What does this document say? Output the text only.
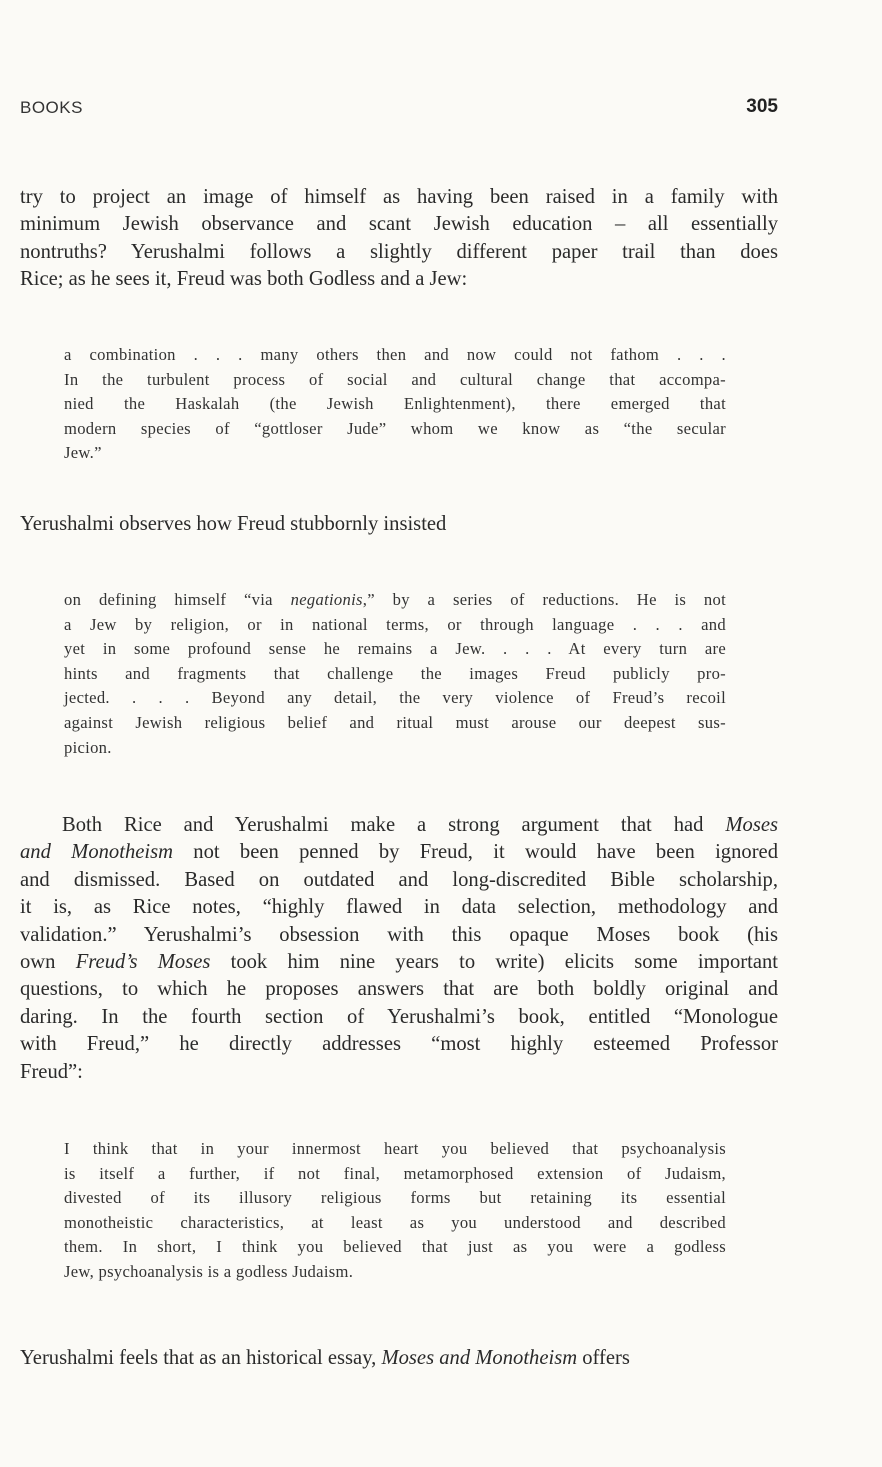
BOOKS	305

try to project an image of himself as having been raised in a family with
minimum Jewish observance and scant Jewish education – all essentially
nontruths? Yerushalmi follows a slightly different paper trail than does
Rice; as he sees it, Freud was both Godless and a Jew:

a combination . . . many others then and now could not fathom . . .
In the turbulent process of social and cultural change that accompa-
nied the Haskalah (the Jewish Enlightenment), there emerged that
modern species of “gottloser Jude” whom we know as “the secular
Jew.”

Yerushalmi observes how Freud stubbornly insisted

on defining himself “via negationis,” by a series of reductions. He is not
a Jew by religion, or in national terms, or through language . . . and
yet in some profound sense he remains a Jew. . . . At every turn are
hints and fragments that challenge the images Freud publicly pro-
jected. . . . Beyond any detail, the very violence of Freud’s recoil
against Jewish religious belief and ritual must arouse our deepest sus-
picion.

Both Rice and Yerushalmi make a strong argument that had Moses
and Monotheism not been penned by Freud, it would have been ignored
and dismissed. Based on outdated and long-discredited Bible scholarship,
it is, as Rice notes, “highly flawed in data selection, methodology and
validation.” Yerushalmi’s obsession with this opaque Moses book (his
own Freud’s Moses took him nine years to write) elicits some important
questions, to which he proposes answers that are both boldly original and
daring. In the fourth section of Yerushalmi’s book, entitled “Monologue
with Freud,” he directly addresses “most highly esteemed Professor
Freud”:

I think that in your innermost heart you believed that psychoanalysis
is itself a further, if not final, metamorphosed extension of Judaism,
divested of its illusory religious forms but retaining its essential
monotheistic characteristics, at least as you understood and described
them. In short, I think you believed that just as you were a godless
Jew, psychoanalysis is a godless Judaism.

Yerushalmi feels that as an historical essay, Moses and Monotheism offers
